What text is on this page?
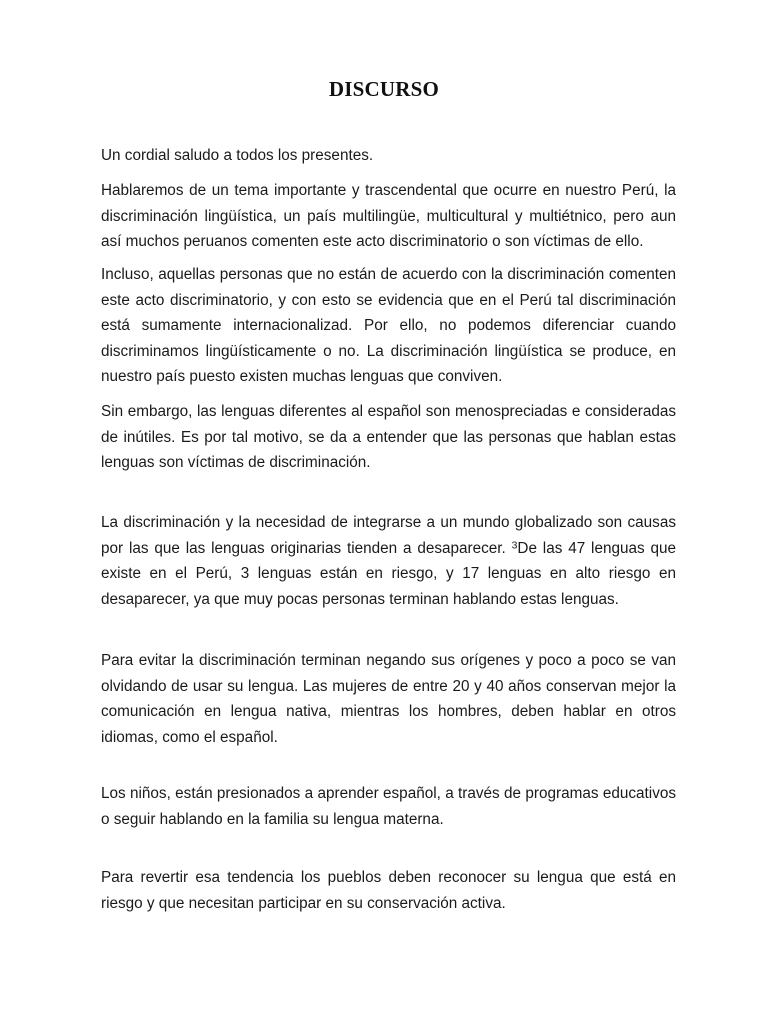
DISCURSO

Un cordial saludo a todos los presentes.

Hablaremos de un tema importante y trascendental que ocurre en nuestro Perú, la discriminación lingüística, un país multilingüe, multicultural y multiétnico, pero aun así muchos peruanos comenten este acto discriminatorio o son víctimas de ello.

Incluso, aquellas personas que no están de acuerdo con la discriminación comenten este acto discriminatorio, y con esto se evidencia que en el Perú tal discriminación está sumamente internacionalizad. Por ello, no podemos diferenciar cuando discriminamos lingüísticamente o no. La discriminación lingüística se produce, en nuestro país puesto existen muchas lenguas que conviven.

Sin embargo, las lenguas diferentes al español son menospreciadas e consideradas de inútiles. Es por tal motivo, se da a entender que las personas que hablan estas lenguas son víctimas de discriminación.

La discriminación y la necesidad de integrarse a un mundo globalizado son causas por las que las lenguas originarias tienden a desaparecer. $^3$De las 47 lenguas que existe en el Perú, 3 lenguas están en riesgo, y 17 lenguas en alto riesgo en desaparecer, ya que muy pocas personas terminan hablando estas lenguas.

Para evitar la discriminación terminan negando sus orígenes y poco a poco se van olvidando de usar su lengua. Las mujeres de entre 20 y 40 años conservan mejor la comunicación en lengua nativa, mientras los hombres, deben hablar en otros idiomas, como el español.

Los niños, están presionados a aprender español, a través de programas educativos o seguir hablando en la familia su lengua materna.

Para revertir esa tendencia los pueblos deben reconocer su lengua que está en riesgo y que necesitan participar en su conservación activa.
